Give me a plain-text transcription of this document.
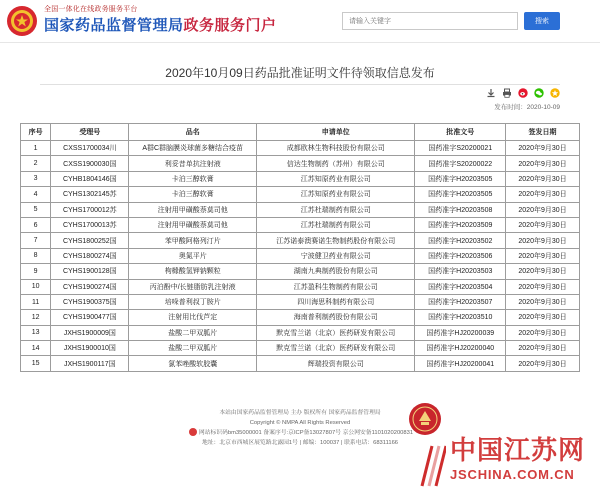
全国一体化在线政务服务平台
国家药品监督管理局政务服务门户
请输入关键字	搜索
2020年10月09日药品批准证明文件待领取信息发布
发布时间：2020-10-09
序号	受理号	品名	申请单位	批准文号	签发日期
1	CXSS1700034川	A群C群脑膜炎球菌多糖结合疫苗	成都欧林生物科技股份有限公司	国药准字S20200021	2020年9月30日
2	CXSS1900030国	利妥昔单抗注射液	信达生物制药（苏州）有限公司	国药准字S20200022	2020年9月30日
3	CYHB1804146国	卡泊三醇软膏	江苏知原药业有限公司	国药准字H20203505	2020年9月30日
4	CYHS1302145苏	卡泊三醇软膏	江苏知原药业有限公司	国药准字H20203505	2020年9月30日
5	CYHS1700012苏	注射用甲磺酸萘莫司他	江苏杜瑞制药有限公司	国药准字H20203508	2020年9月30日
6	CYHS1700013苏	注射用甲磺酸萘莫司他	江苏杜瑞制药有限公司	国药准字H20203509	2020年9月30日
7	CYHS1800252国	苯甲酸阿格列汀片	江苏诺泰澳赛诺生物制药股份有限公司	国药准字H20203502	2020年9月30日
8	CYHS1800274国	奥氮平片	宁波健卫药业有限公司	国药准字H20203506	2020年9月30日
9	CYHS1900128国	枸橼酸氢钾钠颗粒	湖南九典制药股份有限公司	国药准字H20203503	2020年9月30日
10	CYHS1900274国	丙泊酚中/长链脂肪乳注射液	江苏盈科生物制药有限公司	国药准字H20203504	2020年9月30日
11	CYHS1900375国	培哚普利叔丁胺片	四川海思科制药有限公司	国药准字H20203507	2020年9月30日
12	CYHS1900477国	注射用比伐芦定	海南普利制药股份有限公司	国药准字H20203510	2020年9月30日
13	JXHS1900009国	盐酸二甲双胍片	默克雪兰诺（北京）医药研发有限公司	国药准字HJ20200039	2020年9月30日
14	JXHS1900010国	盐酸二甲双胍片	默克雪兰诺（北京）医药研发有限公司	国药准字HJ20200040	2020年9月30日
15	JXHS1900117国	氯苯唑酸软胶囊	辉瑞投资有限公司	国药准字HJ20200041	2020年9月30日
本站由国家药品监督管理局 主办 版权所有 国家药品监督管理局
Copyright © NMPA All Rights Reserved
网站标识码bm35000001 备案序号:京ICP备13027807号 京公网安备1101020200831
地址：北京市西城区展览路北露园1号 | 邮编：100037 | 联系电话：68311166	中国江苏网
JSCHINA.COM.CN
